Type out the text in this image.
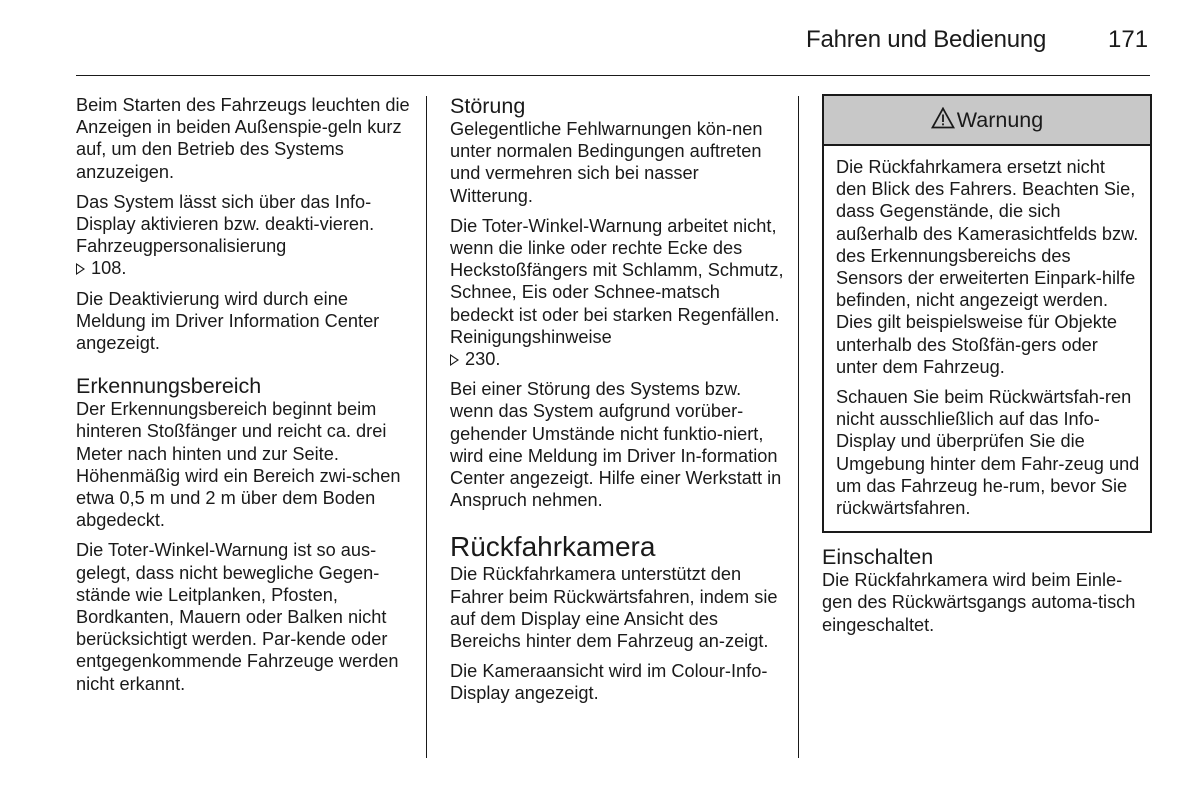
Fahren und Bedienung	171

Beim Starten des Fahrzeugs leuchten die Anzeigen in beiden Außenspie-geln kurz auf, um den Betrieb des Systems anzuzeigen.

Das System lässt sich über das Info-Display aktivieren bzw. deakti-vieren. Fahrzeugpersonalisierung
108.

Die Deaktivierung wird durch eine Meldung im Driver Information Center angezeigt.

Erkennungsbereich

Der Erkennungsbereich beginnt beim hinteren Stoßfänger und reicht ca. drei Meter nach hinten und zur Seite. Höhenmäßig wird ein Bereich zwi-schen etwa 0,5 m und 2 m über dem Boden abgedeckt.

Die Toter-Winkel-Warnung ist so aus-gelegt, dass nicht bewegliche Gegen-stände wie Leitplanken, Pfosten, Bordkanten, Mauern oder Balken nicht berücksichtigt werden. Par-kende oder entgegenkommende Fahrzeuge werden nicht erkannt.

Störung

Gelegentliche Fehlwarnungen kön-nen unter normalen Bedingungen auftreten und vermehren sich bei nasser Witterung.

Die Toter-Winkel-Warnung arbeitet nicht, wenn die linke oder rechte Ecke des Heckstoßfängers mit Schlamm, Schmutz, Schnee, Eis oder Schnee-matsch bedeckt ist oder bei starken Regenfällen. Reinigungshinweise
230.

Bei einer Störung des Systems bzw. wenn das System aufgrund vorüber-gehender Umstände nicht funktio-niert, wird eine Meldung im Driver In-formation Center angezeigt. Hilfe einer Werkstatt in Anspruch nehmen.

Rückfahrkamera

Die Rückfahrkamera unterstützt den Fahrer beim Rückwärtsfahren, indem sie auf dem Display eine Ansicht des Bereichs hinter dem Fahrzeug an-zeigt.

Die Kameraansicht wird im Colour-Info-Display angezeigt.

Warnung

Die Rückfahrkamera ersetzt nicht den Blick des Fahrers. Beachten Sie, dass Gegenstände, die sich außerhalb des Kamerasichtfelds bzw. des Erkennungsbereichs des Sensors der erweiterten Einpark-hilfe befinden, nicht angezeigt werden. Dies gilt beispielsweise für Objekte unterhalb des Stoßfän-gers oder unter dem Fahrzeug.

Schauen Sie beim Rückwärtsfah-ren nicht ausschließlich auf das Info-Display und überprüfen Sie die Umgebung hinter dem Fahr-zeug und um das Fahrzeug he-rum, bevor Sie rückwärtsfahren.

Einschalten

Die Rückfahrkamera wird beim Einle-gen des Rückwärtsgangs automa-tisch eingeschaltet.
